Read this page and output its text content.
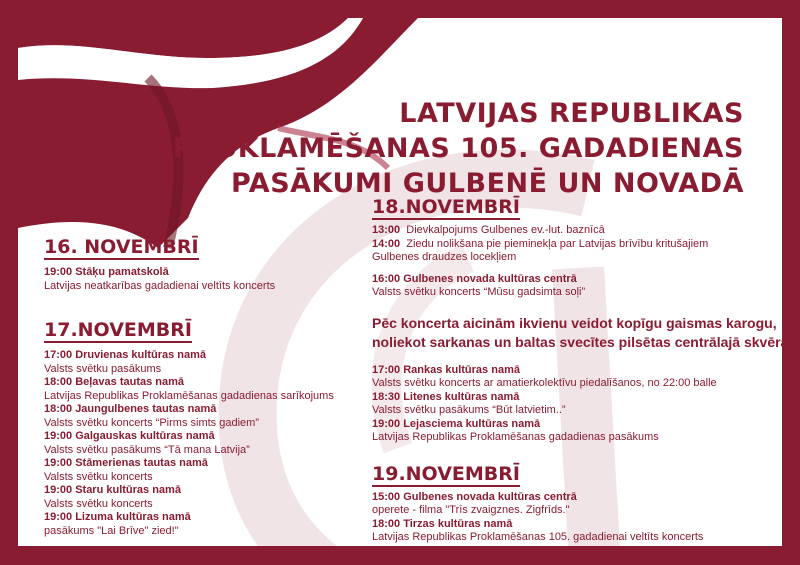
LATVIJAS REPUBLIKAS
PROKLAMĒŠANAS 105. GADADIENAS
PASĀKUMI GULBENĒ UN NOVADĀ
16. NOVEMBRĪ
19:00 Stāķu pamatskolā
Latvijas neatkarības gadadienai veltīts koncerts
17.NOVEMBRĪ
17:00 Druvienas kultūras namā
Valsts svētku pasākums
18:00 Beļavas tautas namā
Latvijas Republikas Proklamēšanas gadadienas sarīkojums
18:00 Jaungulbenes tautas namā
Valsts svētku koncerts “Pirms simts gadiem”
19:00 Galgauskas kultūras namā
Valsts svētku pasākums “Tā mana Latvija”
19:00 Stāmerienas tautas namā
Valsts svētku koncerts
19:00 Staru kultūras namā
Valsts svētku koncerts
19:00 Lizuma kultūras namā
pasākums "Lai Brīve" zied!"
18.NOVEMBRĪ
13:00 Dievkalpojums Gulbenes ev.-lut. baznīcā
14:00 Ziedu nolikšana pie pieminekļa par Latvijas brīvību kritušajiem
Gulbenes draudzes locekļiem
16:00 Gulbenes novada kultūras centrā
Valsts svētku koncerts “Mūsu gadsimta soļi”
Pēc koncerta aicinām ikvienu veidot kopīgu gaismas karogu,
noliekot sarkanas un baltas svecītes pilsētas centrālajā skvērā
17:00 Rankas kultūras namā
Valsts svētku koncerts ar amatierkolektīvu piedalīšanos, no 22:00 balle
18:30 Litenes kultūras namā
Valsts svētku pasākums “Būt latvietim..”
19:00 Lejasciema kultūras namā
Latvijas Republikas Proklamēšanas gadadienas pasākums
19.NOVEMBRĪ
15:00 Gulbenes novada kultūras centrā
operete - filma "Trīs zvaigznes. Zigfrīds."
18:00 Tirzas kultūras namā
Latvijas Republikas Proklamēšanas 105. gadadienai veltīts koncerts
